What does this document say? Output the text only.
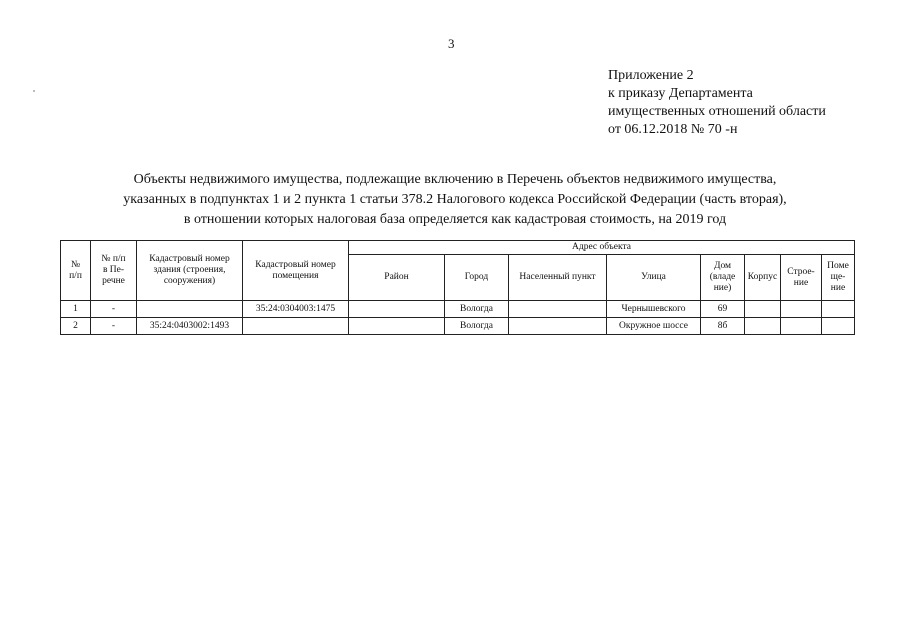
3
Приложение 2
к приказу Департамента
имущественных отношений области
от 06.12.2018 № 70 -н
Объекты недвижимого имущества, подлежащие включению в Перечень объектов недвижимого имущества,
указанных в подпунктах 1 и 2 пункта 1 статьи 378.2 Налогового кодекса Российской Федерации (часть вторая),
в отношении которых налоговая база определяется как кадастровая стоимость, на 2019 год
№
п/п	№ п/п
в Пе-
речне	Кадастровый номер
здания (строения,
сооружения)	Кадастровый номер
помещения	Адрес объекта							
				Район	Город	Населенный пункт	Улица	Дом
(владе
ние)	Корпус	Строе-
ние	Поме
ще-
ние
1	-		35:24:0304003:1475		Вологда		Чернышевского	69			
2	-	35:24:0403002:1493			Вологда		Окружное шоссе	8б			
